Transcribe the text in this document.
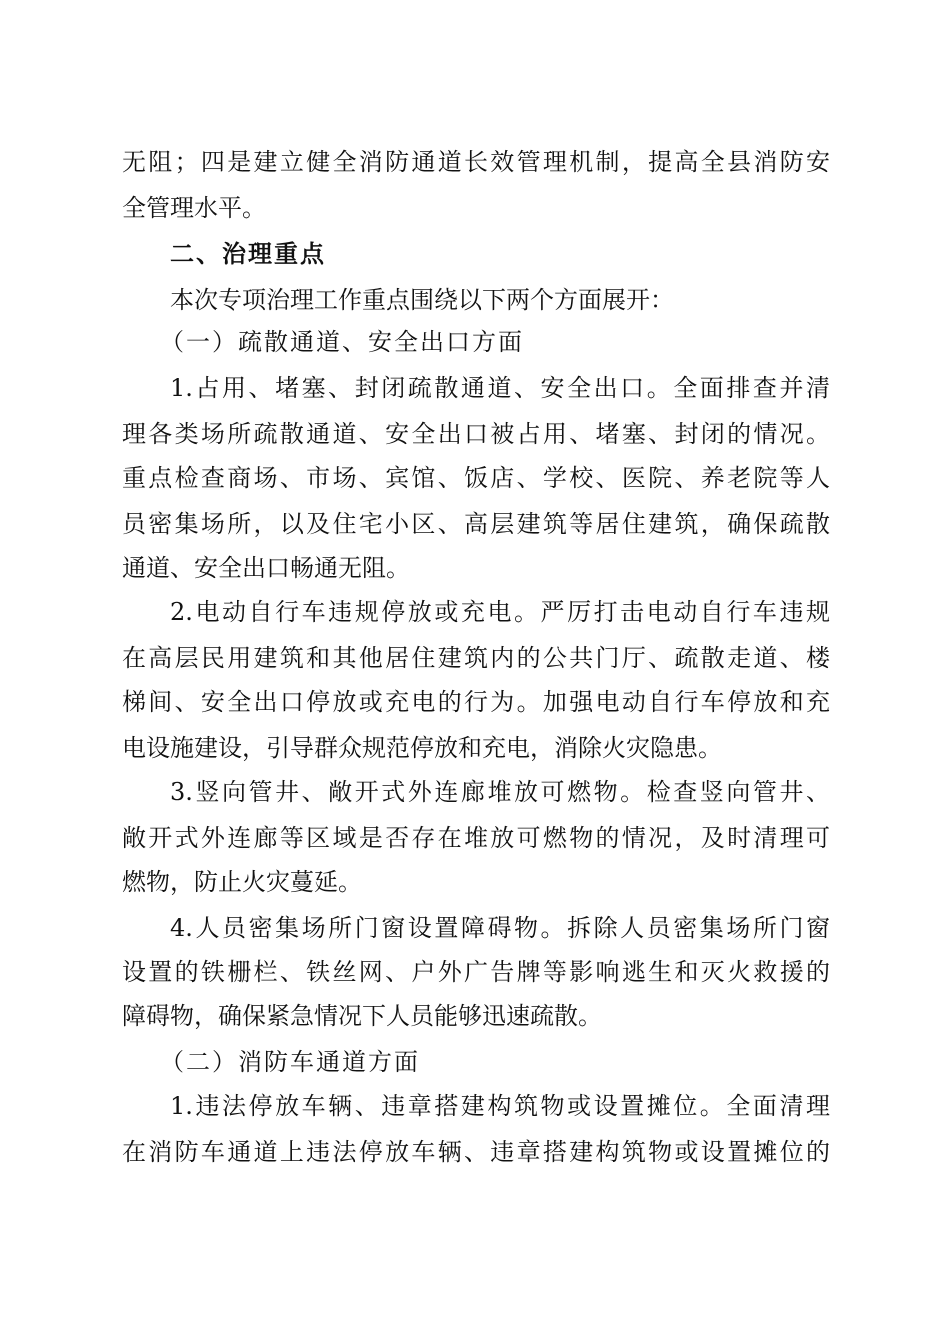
无阻；四是建立健全消防通道长效管理机制，提高全县消防安
全管理水平。
二、治理重点
本次专项治理工作重点围绕以下两个方面展开：
（一）疏散通道、安全出口方面
1.占用、堵塞、封闭疏散通道、安全出口。全面排查并清
理各类场所疏散通道、安全出口被占用、堵塞、封闭的情况。
重点检查商场、市场、宾馆、饭店、学校、医院、养老院等人
员密集场所，以及住宅小区、高层建筑等居住建筑，确保疏散
通道、安全出口畅通无阻。
2.电动自行车违规停放或充电。严厉打击电动自行车违规
在高层民用建筑和其他居住建筑内的公共门厅、疏散走道、楼
梯间、安全出口停放或充电的行为。加强电动自行车停放和充
电设施建设，引导群众规范停放和充电，消除火灾隐患。
3.竖向管井、敞开式外连廊堆放可燃物。检查竖向管井、
敞开式外连廊等区域是否存在堆放可燃物的情况，及时清理可
燃物，防止火灾蔓延。
4.人员密集场所门窗设置障碍物。拆除人员密集场所门窗
设置的铁栅栏、铁丝网、户外广告牌等影响逃生和灭火救援的
障碍物，确保紧急情况下人员能够迅速疏散。
（二）消防车通道方面
1.违法停放车辆、违章搭建构筑物或设置摊位。全面清理
在消防车通道上违法停放车辆、违章搭建构筑物或设置摊位的
